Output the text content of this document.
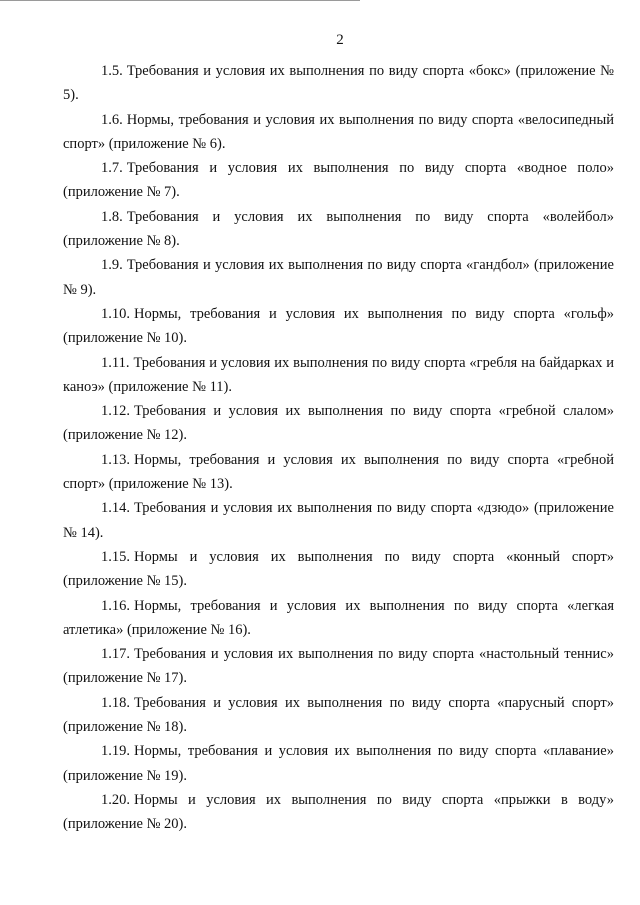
2

1.5. Требования и условия их выполнения по виду спорта «бокс» (приложение № 5).

1.6. Нормы, требования и условия их выполнения по виду спорта «велосипедный спорт» (приложение № 6).

1.7. Требования и условия их выполнения по виду спорта «водное поло» (приложение № 7).

1.8. Требования и условия их выполнения по виду спорта «волейбол» (приложение № 8).

1.9. Требования и условия их выполнения по виду спорта «гандбол» (приложение № 9).

1.10. Нормы, требования и условия их выполнения по виду спорта «гольф» (приложение № 10).

1.11. Требования и условия их выполнения по виду спорта «гребля на байдарках и каноэ» (приложение № 11).

1.12. Требования и условия их выполнения по виду спорта «гребной слалом» (приложение № 12).

1.13. Нормы, требования и условия их выполнения по виду спорта «гребной спорт» (приложение № 13).

1.14. Требования и условия их выполнения по виду спорта «дзюдо» (приложение № 14).

1.15. Нормы и условия их выполнения по виду спорта «конный спорт» (приложение № 15).

1.16. Нормы, требования и условия их выполнения по виду спорта «легкая атлетика» (приложение № 16).

1.17. Требования и условия их выполнения по виду спорта «настольный теннис» (приложение № 17).

1.18. Требования и условия их выполнения по виду спорта «парусный спорт» (приложение № 18).

1.19. Нормы, требования и условия их выполнения по виду спорта «плавание» (приложение № 19).

1.20. Нормы и условия их выполнения по виду спорта «прыжки в воду» (приложение № 20).
